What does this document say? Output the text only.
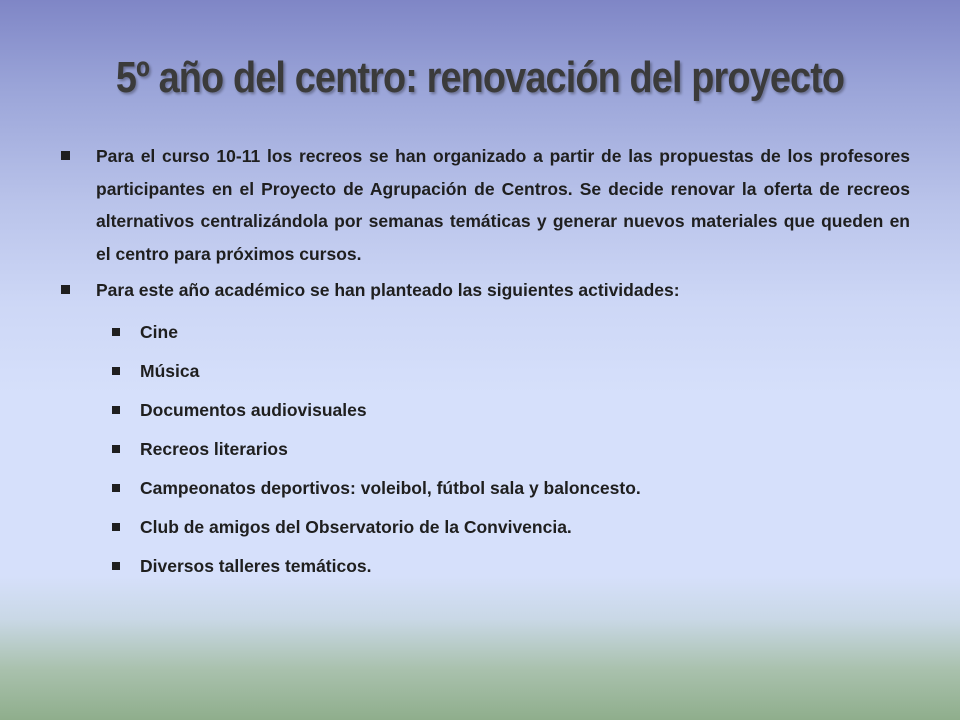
5º año del centro: renovación del proyecto
Para el curso 10-11 los recreos se han organizado a partir de las propuestas de los profesores participantes en el Proyecto de Agrupación de Centros. Se decide renovar la oferta de recreos alternativos centralizándola por semanas temáticas y generar nuevos materiales que queden en el centro para próximos cursos.
Para este año académico se han planteado las siguientes actividades:
Cine
Música
Documentos audiovisuales
Recreos literarios
Campeonatos deportivos: voleibol, fútbol sala y baloncesto.
Club de amigos del Observatorio de la Convivencia.
Diversos talleres temáticos.
